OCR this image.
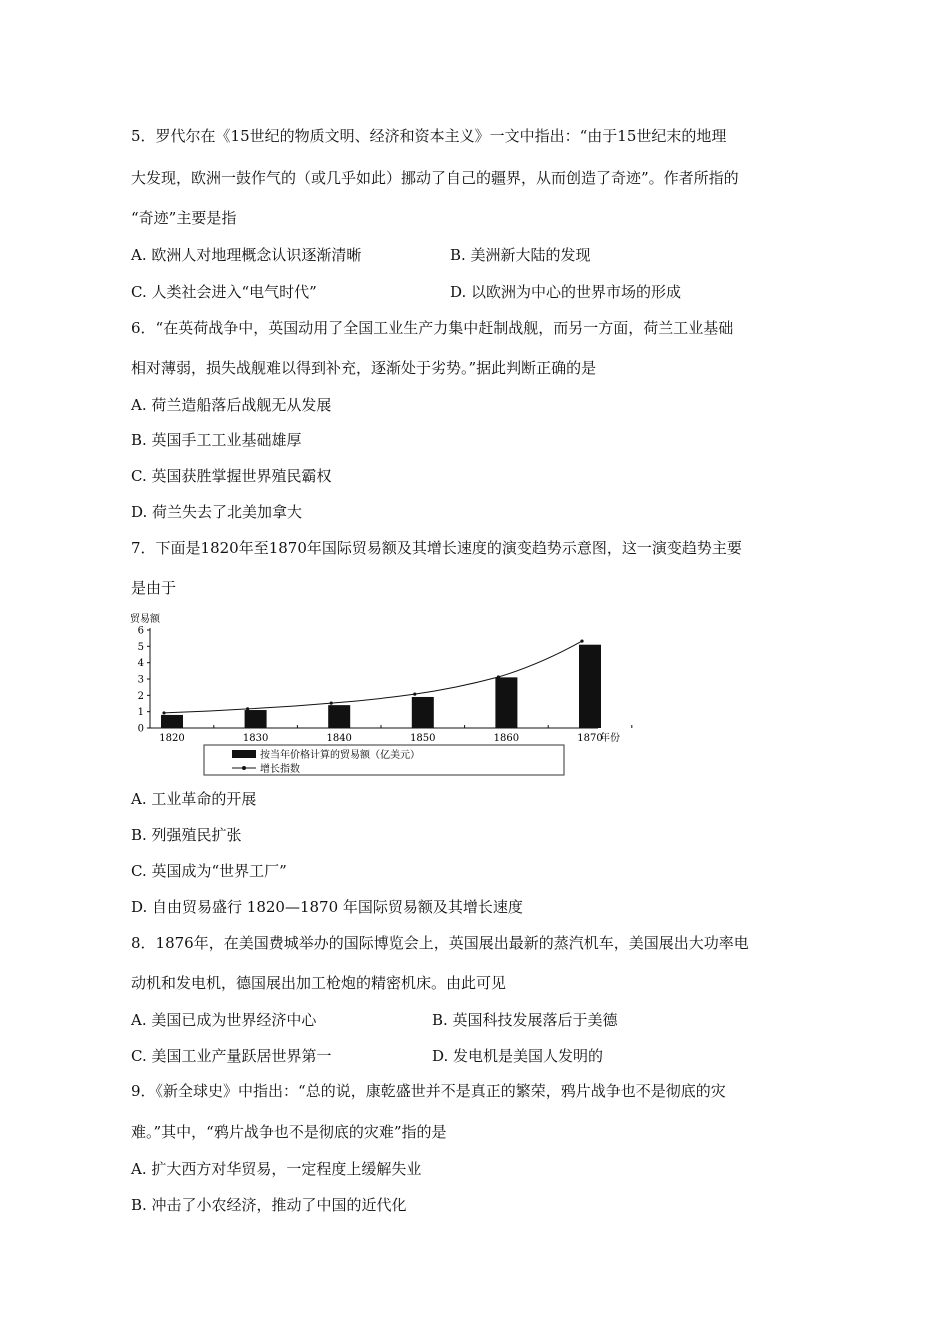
5．罗代尔在《15世纪的物质文明、经济和资本主义》一文中指出：“由于15世纪末的地理
大发现，欧洲一鼓作气的（或几乎如此）挪动了自己的疆界，从而创造了奇迹”。作者所指的
“奇迹”主要是指
A. 欧洲人对地理概念认识逐渐清晰	B. 美洲新大陆的发现
C. 人类社会进入“电气时代”	D. 以欧洲为中心的世界市场的形成
6．“在英荷战争中，英国动用了全国工业生产力集中赶制战舰，而另一方面，荷兰工业基础
相对薄弱，损失战舰难以得到补充，逐渐处于劣势。”据此判断正确的是
A. 荷兰造船落后战舰无从发展
B. 英国手工工业基础雄厚
C. 英国获胜掌握世界殖民霸权
D. 荷兰失去了北美加拿大
7．下面是1820年至1870年国际贸易额及其增长速度的演变趋势示意图，这一演变趋势主要
是由于
贸易额
0
1
2
3
4
5
6
1820	1830	1840	1850	1860	1870
年份
按当年价格计算的贸易额（亿美元）
增长指数
A. 工业革命的开展
B. 列强殖民扩张
C. 英国成为“世界工厂”
D. 自由贸易盛行 1820—1870 年国际贸易额及其增长速度
8．1876年，在美国费城举办的国际博览会上，英国展出最新的蒸汽机车，美国展出大功率电
动机和发电机，德国展出加工枪炮的精密机床。由此可见
A. 美国已成为世界经济中心	B. 英国科技发展落后于美德
C. 美国工业产量跃居世界第一	D. 发电机是美国人发明的
9．《新全球史》中指出：“总的说，康乾盛世并不是真正的繁荣，鸦片战争也不是彻底的灾
难。”其中，“鸦片战争也不是彻底的灾难”指的是
A. 扩大西方对华贸易，一定程度上缓解失业
B. 冲击了小农经济，推动了中国的近代化
